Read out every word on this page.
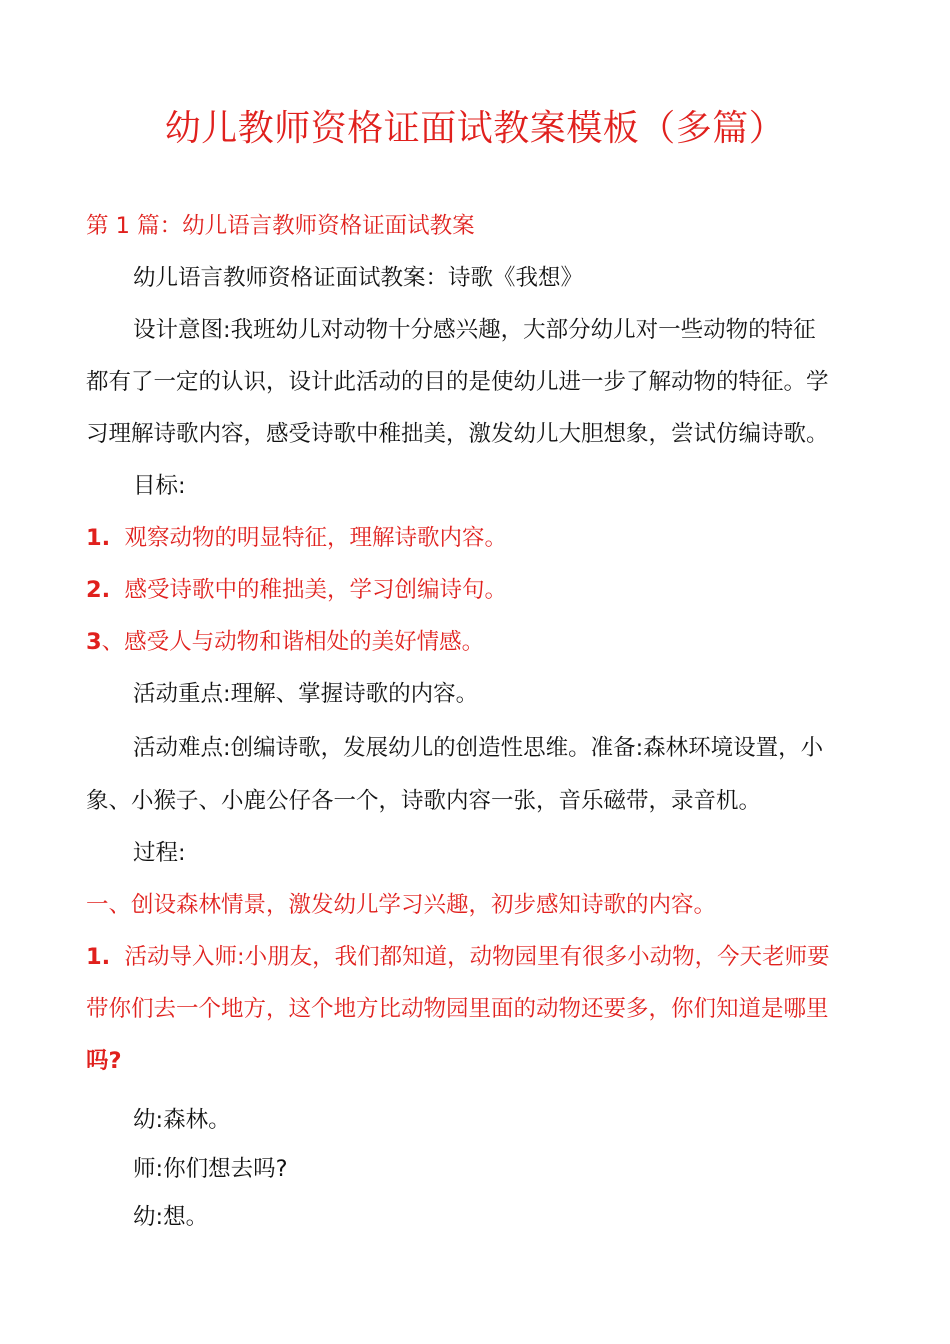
幼儿教师资格证面试教案模板（多篇）
第 1 篇：幼儿语言教师资格证面试教案
幼儿语言教师资格证面试教案：诗歌《我想》
设计意图:我班幼儿对动物十分感兴趣，大部分幼儿对一些动物的特征
都有了一定的认识，设计此活动的目的是使幼儿进一步了解动物的特征。学
习理解诗歌内容，感受诗歌中稚拙美，激发幼儿大胆想象，尝试仿编诗歌。
目标:
1. 观察动物的明显特征，理解诗歌内容。
2. 感受诗歌中的稚拙美，学习创编诗句。
3、感受人与动物和谐相处的美好情感。
活动重点:理解、掌握诗歌的内容。
活动难点:创编诗歌，发展幼儿的创造性思维。准备:森林环境设置，小
象、小猴子、小鹿公仔各一个，诗歌内容一张，音乐磁带，录音机。
过程:
一、创设森林情景，激发幼儿学习兴趣，初步感知诗歌的内容。
1. 活动导入师:小朋友，我们都知道，动物园里有很多小动物，今天老师要
带你们去一个地方，这个地方比动物园里面的动物还要多，你们知道是哪里
吗?
幼:森林。
师:你们想去吗?
幼:想。
